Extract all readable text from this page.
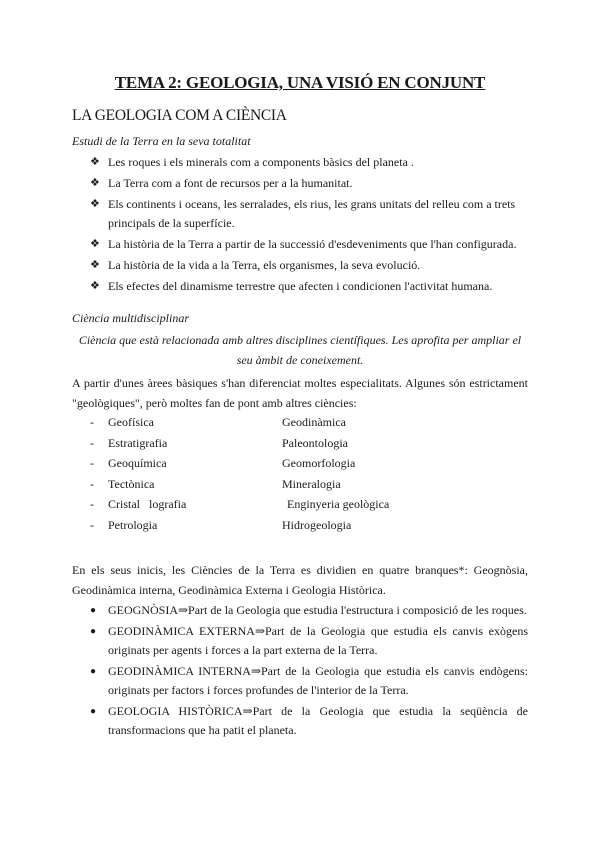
TEMA 2: GEOLOGIA, UNA VISIÓ EN CONJUNT
LA GEOLOGIA COM A CIÈNCIA
Estudi de la Terra en la seva totalitat
❖ Les roques i els minerals com a components bàsics del planeta .
❖ La Terra com a font de recursos per a la humanitat.
❖ Els continents i oceans, les serralades, els rius, les grans unitats del relleu com a trets principals de la superfície.
❖ La història de la Terra a partir de la successió d'esdeveniments que l'han configurada.
❖ La història de la vida a la Terra, els organismes, la seva evolució.
❖ Els efectes del dinamisme terrestre que afecten i condicionen l'activitat humana.
Ciència multidisciplinar
Ciència que està relacionada amb altres disciplines científiques. Les aprofita per ampliar el seu àmbit de coneixement.
A partir d'unes àrees bàsiques s'han diferenciat moltes especialitats. Algunes són estrictament "geològiques", però moltes fan de pont amb altres ciències:
- Geofísica	Geodinàmica
- Estratigrafia	Paleontologia
- Geoquímica	Geomorfologia
- Tectònica	Mineralogia
- Cristal   lografia	Enginyeria geològica
- Petrologia	Hidrogeologia
En els seus inicis, les Ciències de la Terra es dividien en quatre branques*: Geognòsia, Geodinàmica interna, Geodinàmica Externa i Geologia Històrica.
● GEOGNÒSIA⇒Part de la Geologia que estudia l'estructura i composició de les roques.
● GEODINÀMICA EXTERNA⇒Part de la Geologia que estudia els canvis exògens originats per agents i forces a la part externa de la Terra.
● GEODINÀMICA INTERNA⇒Part de la Geologia que estudia els canvis endògens: originats per factors i forces profundes de l'interior de la Terra.
● GEOLOGIA HISTÒRICA⇒Part de la Geologia que estudia la seqüència de transformacions que ha patit el planeta.
